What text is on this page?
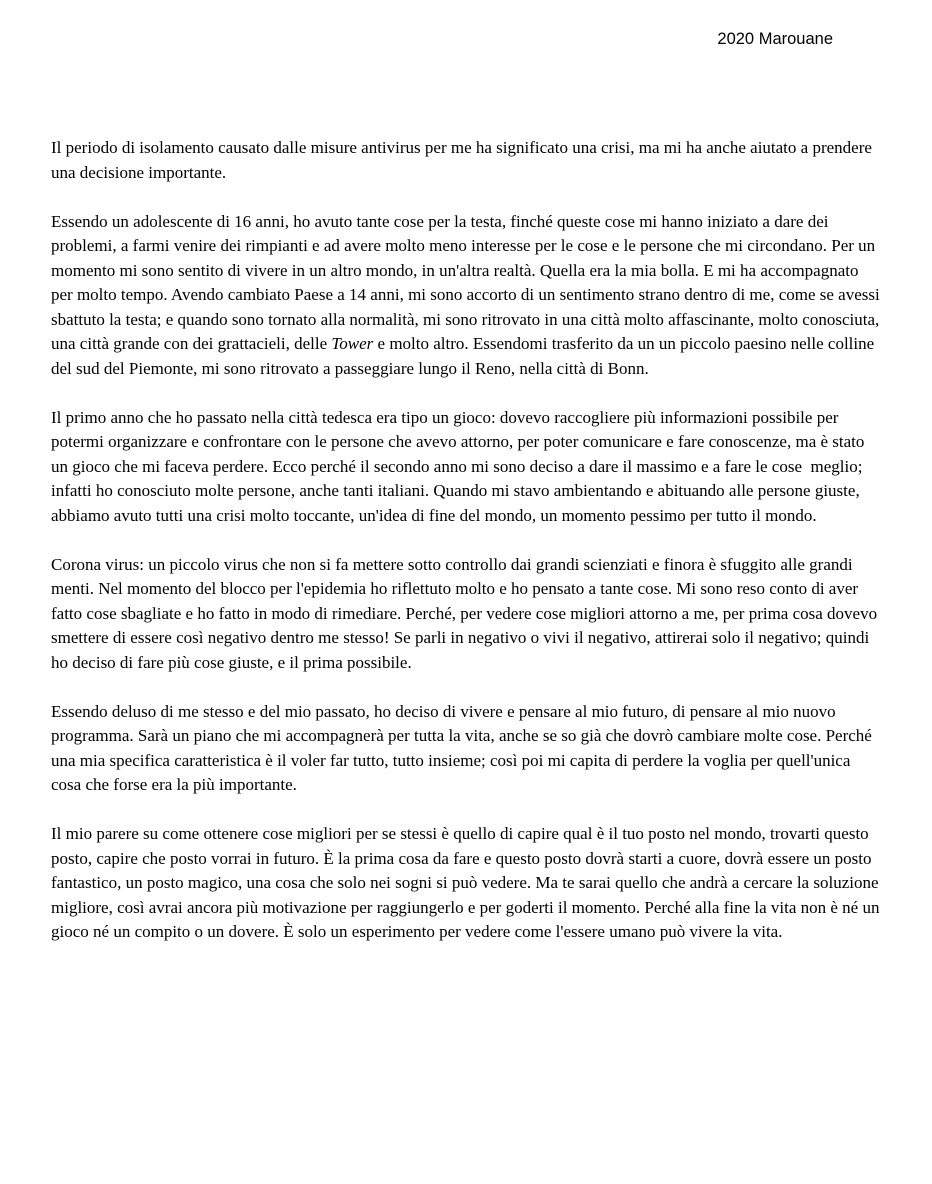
2020 Marouane

Il periodo di isolamento causato dalle misure antivirus per me ha significato una crisi, ma mi ha anche aiutato a prendere una decisione importante.

Essendo un adolescente di 16 anni, ho avuto tante cose per la testa, finché queste cose mi hanno iniziato a dare dei problemi, a farmi venire dei rimpianti e ad avere molto meno interesse per le cose e le persone che mi circondano. Per un momento mi sono sentito di vivere in un altro mondo, in un'altra realtà. Quella era la mia bolla. E mi ha accompagnato per molto tempo. Avendo cambiato Paese a 14 anni, mi sono accorto di un sentimento strano dentro di me, come se avessi sbattuto la testa; e quando sono tornato alla normalità, mi sono ritrovato in una città molto affascinante, molto conosciuta, una città grande con dei grattacieli, delle Tower e molto altro. Essendomi trasferito da un un piccolo paesino nelle colline del sud del Piemonte, mi sono ritrovato a passeggiare lungo il Reno, nella città di Bonn.

Il primo anno che ho passato nella città tedesca era tipo un gioco: dovevo raccogliere più informazioni possibile per potermi organizzare e confrontare con le persone che avevo attorno, per poter comunicare e fare conoscenze, ma è stato un gioco che mi faceva perdere. Ecco perché il secondo anno mi sono deciso a dare il massimo e a fare le cose  meglio; infatti ho conosciuto molte persone, anche tanti italiani. Quando mi stavo ambientando e abituando alle persone giuste, abbiamo avuto tutti una crisi molto toccante, un'idea di fine del mondo, un momento pessimo per tutto il mondo.

Corona virus: un piccolo virus che non si fa mettere sotto controllo dai grandi scienziati e finora è sfuggito alle grandi menti. Nel momento del blocco per l'epidemia ho riflettuto molto e ho pensato a tante cose. Mi sono reso conto di aver fatto cose sbagliate e ho fatto in modo di rimediare. Perché, per vedere cose migliori attorno a me, per prima cosa dovevo smettere di essere così negativo dentro me stesso! Se parli in negativo o vivi il negativo, attirerai solo il negativo; quindi ho deciso di fare più cose giuste, e il prima possibile.

Essendo deluso di me stesso e del mio passato, ho deciso di vivere e pensare al mio futuro, di pensare al mio nuovo programma. Sarà un piano che mi accompagnerà per tutta la vita, anche se so già che dovrò cambiare molte cose. Perché una mia specifica caratteristica è il voler far tutto, tutto insieme; così poi mi capita di perdere la voglia per quell'unica cosa che forse era la più importante.

Il mio parere su come ottenere cose migliori per se stessi è quello di capire qual è il tuo posto nel mondo, trovarti questo posto, capire che posto vorrai in futuro. È la prima cosa da fare e questo posto dovrà starti a cuore, dovrà essere un posto fantastico, un posto magico, una cosa che solo nei sogni si può vedere. Ma te sarai quello che andrà a cercare la soluzione migliore, così avrai ancora più motivazione per raggiungerlo e per goderti il momento. Perché alla fine la vita non è né un gioco né un compito o un dovere. È solo un esperimento per vedere come l'essere umano può vivere la vita.
